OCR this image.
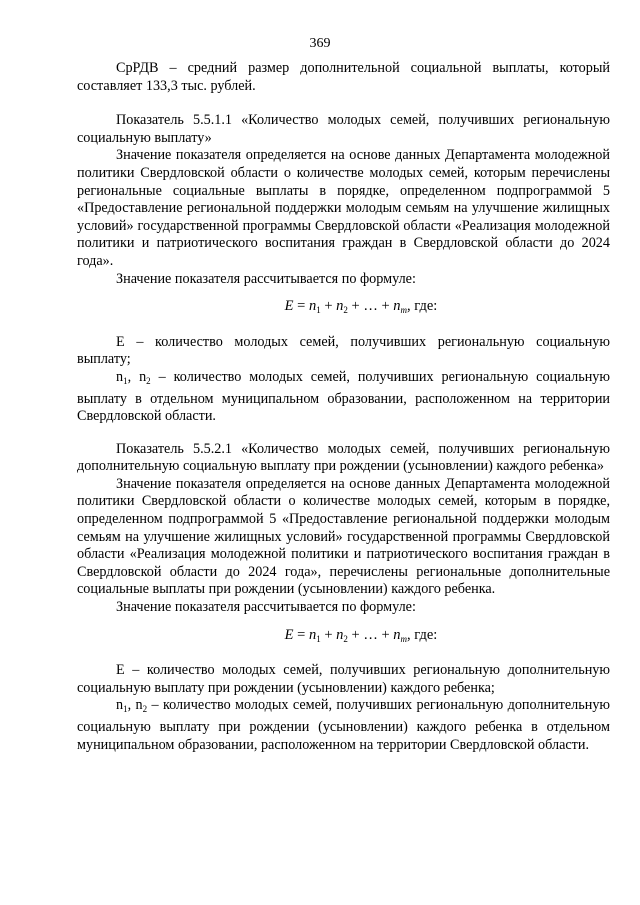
369

СрРДВ – средний размер дополнительной социальной выплаты, который составляет 133,3 тыс. рублей.

Показатель 5.5.1.1 «Количество молодых семей, получивших региональную социальную выплату»

Значение показателя определяется на основе данных Департамента молодежной политики Свердловской области о количестве молодых семей, которым перечислены региональные социальные выплаты в порядке, определенном подпрограммой 5 «Предоставление региональной поддержки молодым семьям на улучшение жилищных условий» государственной программы Свердловской области «Реализация молодежной политики и патриотического воспитания граждан в Свердловской области до 2024 года».

Значение показателя рассчитывается по формуле:

$E = n_1 + n_2$ + … + $n_m$, где:

E – количество молодых семей, получивших региональную социальную выплату;

$n_1$, $n_2$ – количество молодых семей, получивших региональную социальную выплату в отдельном муниципальном образовании, расположенном на территории Свердловской области.

Показатель 5.5.2.1 «Количество молодых семей, получивших региональную дополнительную социальную выплату при рождении (усыновлении) каждого ребенка»

Значение показателя определяется на основе данных Департамента молодежной политики Свердловской области о количестве молодых семей, которым в порядке, определенном подпрограммой 5 «Предоставление региональной поддержки молодым семьям на улучшение жилищных условий» государственной программы Свердловской области «Реализация молодежной политики и патриотического воспитания граждан в Свердловской области до 2024 года», перечислены региональные дополнительные социальные выплаты при рождении (усыновлении) каждого ребенка.

Значение показателя рассчитывается по формуле:

$E = n_1 + n_2$ + … + $n_m$, где:

E – количество молодых семей, получивших региональную дополнительную социальную выплату при рождении (усыновлении) каждого ребенка;

$n_1$, $n_2$ – количество молодых семей, получивших региональную дополнительную социальную выплату при рождении (усыновлении) каждого ребенка в отдельном муниципальном образовании, расположенном на территории Свердловской области.
